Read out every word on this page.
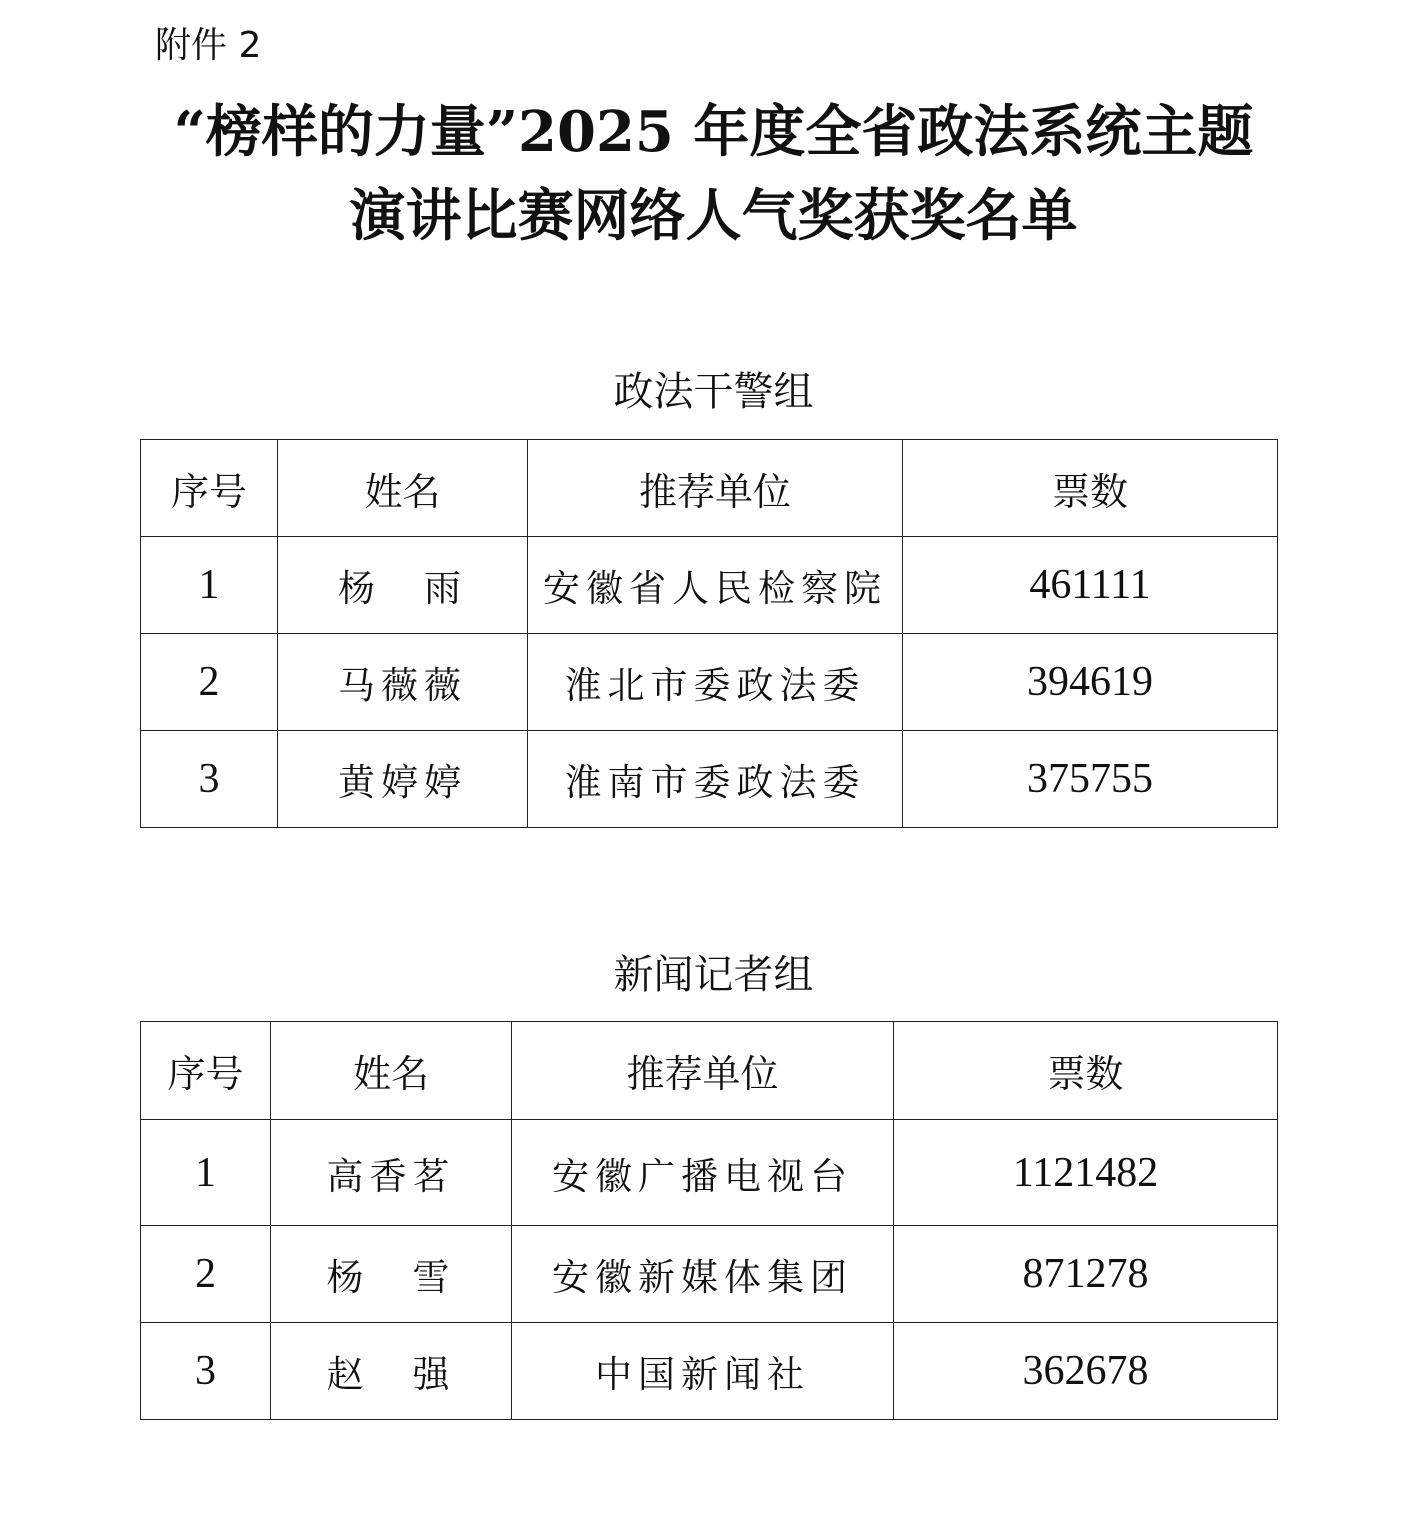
附件 2
“榜样的力量”2025 年度全省政法系统主题
演讲比赛网络人气奖获奖名单
政法干警组
序号	姓名	推荐单位	票数
1	杨　雨	安徽省人民检察院	461111
2	马薇薇	淮北市委政法委	394619
3	黄婷婷	淮南市委政法委	375755
新闻记者组
序号	姓名	推荐单位	票数
1	高香茗	安徽广播电视台	1121482
2	杨　雪	安徽新媒体集团	871278
3	赵　强	中国新闻社	362678
